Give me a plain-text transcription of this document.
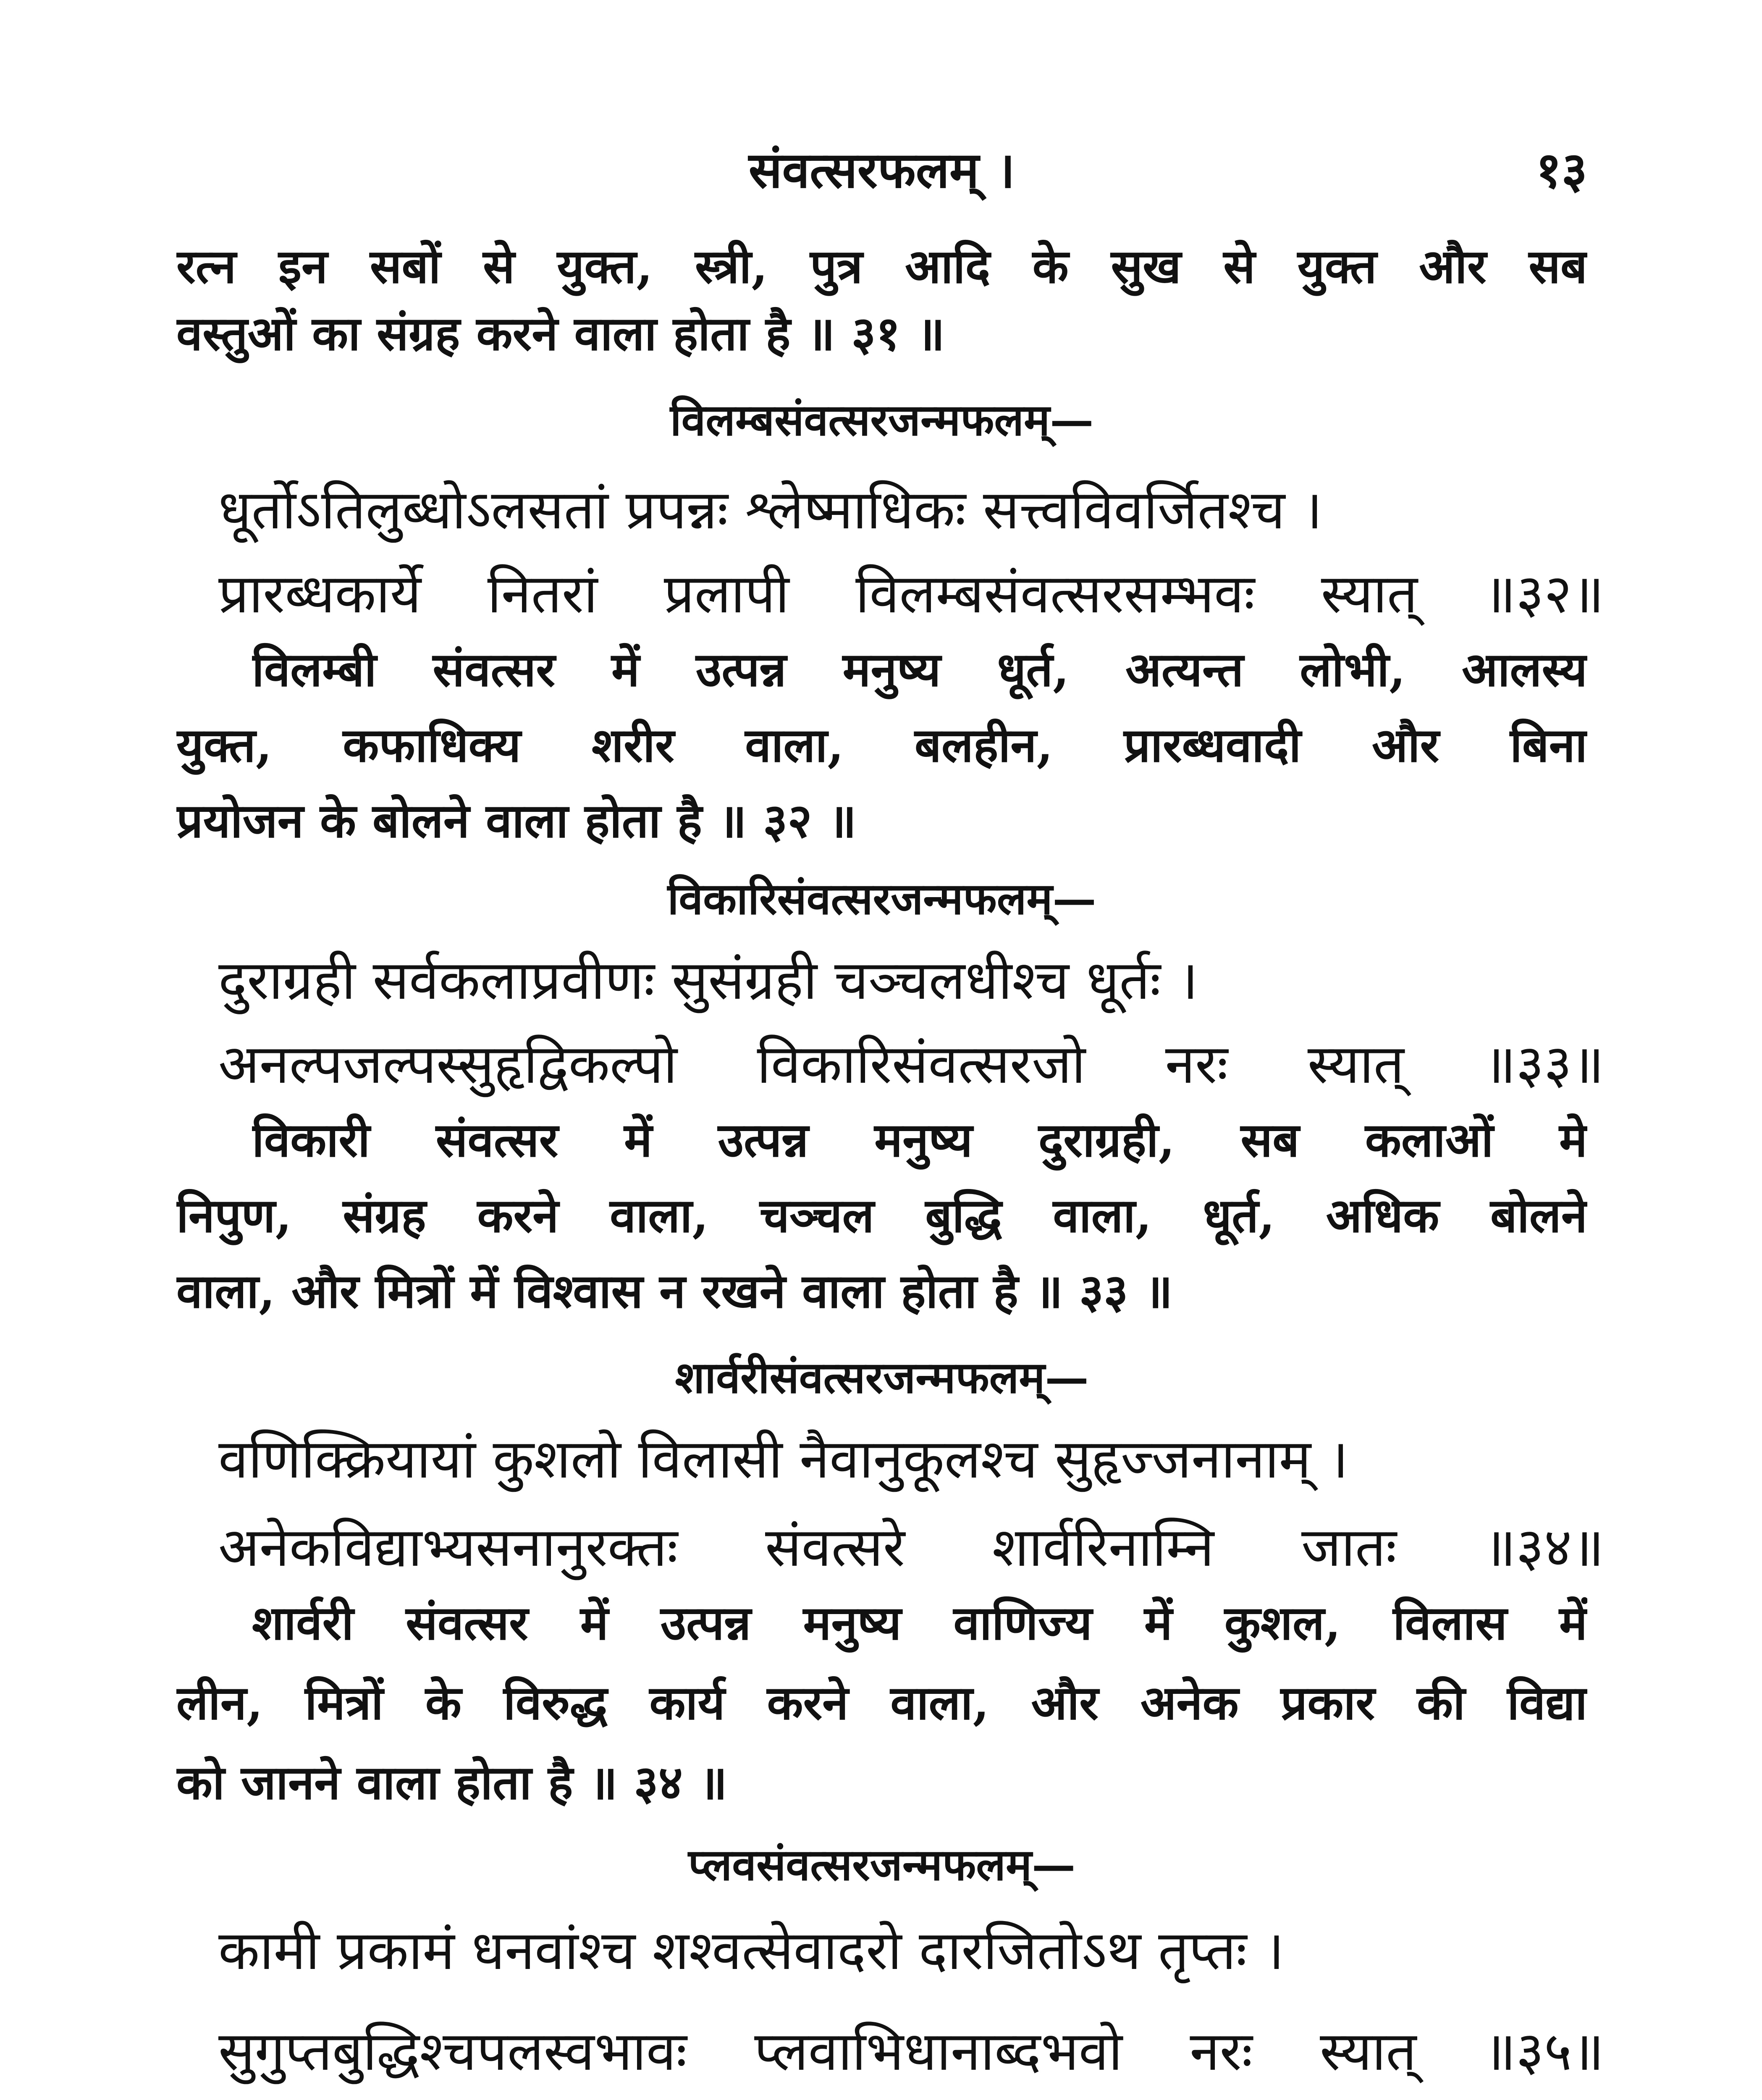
संवत्सरफलम् ।	१३
रत्न इन सबों से युक्त, स्त्री, पुत्र आदि के सुख से युक्त और सब
वस्तुओं का संग्रह करने वाला होता है ॥ ३१ ॥
विलम्बसंवत्सरजन्मफलम्—
धूर्तोऽतिलुब्धोऽलसतां प्रपन्नः श्लेष्माधिकः सत्त्वविवर्जितश्च ।
प्रारब्धकार्ये नितरां प्रलापी विलम्बसंवत्सरसम्भवः स्यात् ॥३२॥
विलम्बी संवत्सर में उत्पन्न मनुष्य धूर्त, अत्यन्त लोभी, आलस्य
युक्त, कफाधिक्य शरीर वाला, बलहीन, प्रारब्धवादी और बिना
प्रयोजन के बोलने वाला होता है ॥ ३२ ॥
विकारिसंवत्सरजन्मफलम्—
दुराग्रही सर्वकलाप्रवीणः सुसंग्रही चञ्चलधीश्च धूर्तः ।
अनल्पजल्पस्सुहृद्विकल्पो विकारिसंवत्सरजो नरः स्यात् ॥३३॥
विकारी संवत्सर में उत्पन्न मनुष्य दुराग्रही, सब कलाओं मे
निपुण, संग्रह करने वाला, चञ्चल बुद्धि वाला, धूर्त, अधिक बोलने
वाला, और मित्रों में विश्वास न रखने वाला होता है ॥ ३३ ॥
शार्वरीसंवत्सरजन्मफलम्—
वणिक्क्रियायां कुशलो विलासी नैवानुकूलश्च सुहृज्जनानाम् ।
अनेकविद्याभ्यसनानुरक्तः संवत्सरे शार्वरिनाम्नि जातः ॥३४॥
शार्वरी संवत्सर में उत्पन्न मनुष्य वाणिज्य में कुशल, विलास में
लीन, मित्रों के विरुद्ध कार्य करने वाला, और अनेक प्रकार की विद्या
को जानने वाला होता है ॥ ३४ ॥
प्लवसंवत्सरजन्मफलम्—
कामी प्रकामं धनवांश्च शश्वत्सेवादरो दारजितोऽथ तृप्तः ।
सुगुप्तबुद्धिश्चपलस्वभावः प्लवाभिधानाब्दभवो नरः स्यात् ॥३५॥
